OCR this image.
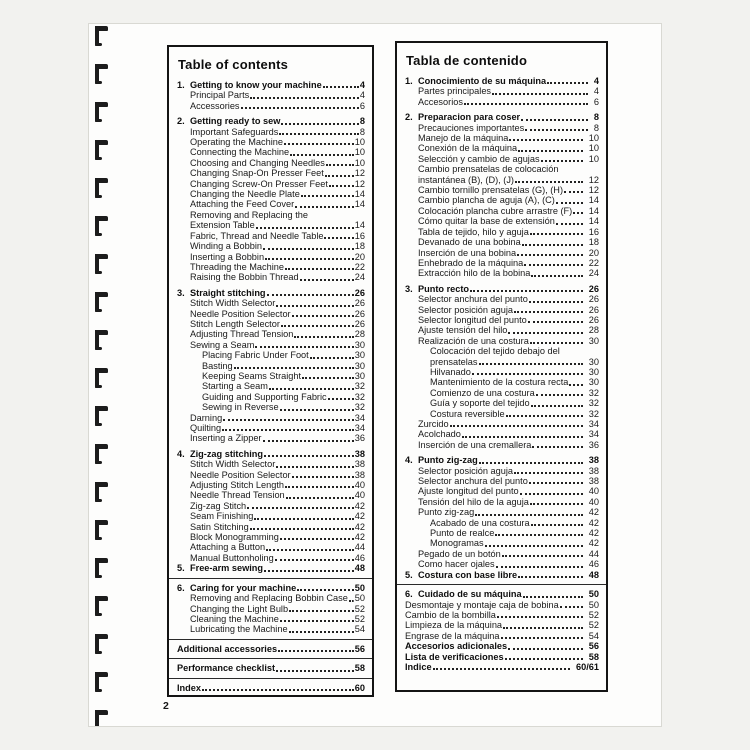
Table of contents
1. Getting to know your machine	4
Principal Parts	4
Accessories	6
2. Getting ready to sew	8
Important Safeguards	8
Operating the Machine	10
Connecting the Machine	10
Choosing and Changing Needles	10
Changing Snap-On Presser Feet	12
Changing Screw-On Presser Feet	12
Changing the Needle Plate	14
Attaching the Feed Cover	14
Removing and Replacing the
Extension Table	14
Fabric, Thread and Needle Table	16
Winding a Bobbin	18
Inserting a Bobbin	20
Threading the Machine	22
Raising the Bobbin Thread	24
3. Straight stitching	26
Stitch Width Selector	26
Needle Position Selector	26
Stitch Length Selector	26
Adjusting Thread Tension	28
Sewing a Seam	30
Placing Fabric Under Foot	30
Basting	30
Keeping Seams Straight	30
Starting a Seam	32
Guiding and Supporting Fabric	32
Sewing in Reverse	32
Darning	34
Quilting	34
Inserting a Zipper	36
4. Zig-zag stitching	38
Stitch Width Selector	38
Needle Position Selector	38
Adjusting Stitch Length	40
Needle Thread Tension	40
Zig-zag Stitch	42
Seam Finishing	42
Satin Stitching	42
Block Monogramming	42
Attaching a Button	44
Manual Buttonholing	46
5. Free-arm sewing	48
6. Caring for your machine	50
Removing and Replacing Bobbin Case 50
Changing the Light Bulb	52
Cleaning the Machine	52
Lubricating the Machine	54
Additional accessories	56
Performance checklist	58
Index	60
Tabla de contenido
1. Conocimiento de su máquina	4
Partes principales	4
Accesorios	6
2. Preparacion para coser	8
Precauciones importantes	8
Manejo de la máquina	10
Conexión de la máquina	10
Selección y cambio de agujas	10
Cambio prensatelas de colocación
instantánea (B), (D), (J)	12
Cambio tornillo prensatelas (G), (H)	12
Cambio plancha de aguja (A), (C)	14
Colocación plancha cubre arrastre (F)	14
Cómo quitar la base de extensión	14
Tabla de tejido, hilo y aguja	16
Devanado de una bobina	18
Inserción de una bobina	20
Enhebrado de la máquina	22
Extracción hilo de la bobina	24
3. Punto recto	26
Selector anchura del punto	26
Selector posición aguja	26
Selector longitud del punto	26
Ajuste tensión del hilo	28
Realización de una costura	30
Colocación del tejido debajo del
prensatelas	30
Hilvanado	30
Mantenimiento de la costura recta	30
Comienzo de una costura	32
Guía y soporte del tejido	32
Costura reversible	32
Zurcido	34
Acolchado	34
Inserción de una cremallera	36
4. Punto zig-zag	38
Selector posición aguja	38
Selector anchura del punto	38
Ajuste longitud del punto	40
Tensión del hilo de la aguja	40
Punto zig-zag	42
Acabado de una costura	42
Punto de realce	42
Monogramas	42
Pegado de un botón	44
Como hacer ojales	46
5. Costura con base libre	48
6. Cuidado de su máquina	50
Desmontaje y montaje caja de bobina	50
Cambio de la bombilla	52
Limpieza de la máquina	52
Engrase de la máquina	54
Accesorios adicionales	56
Lista de verificaciones	58
Indice	60/61
2
